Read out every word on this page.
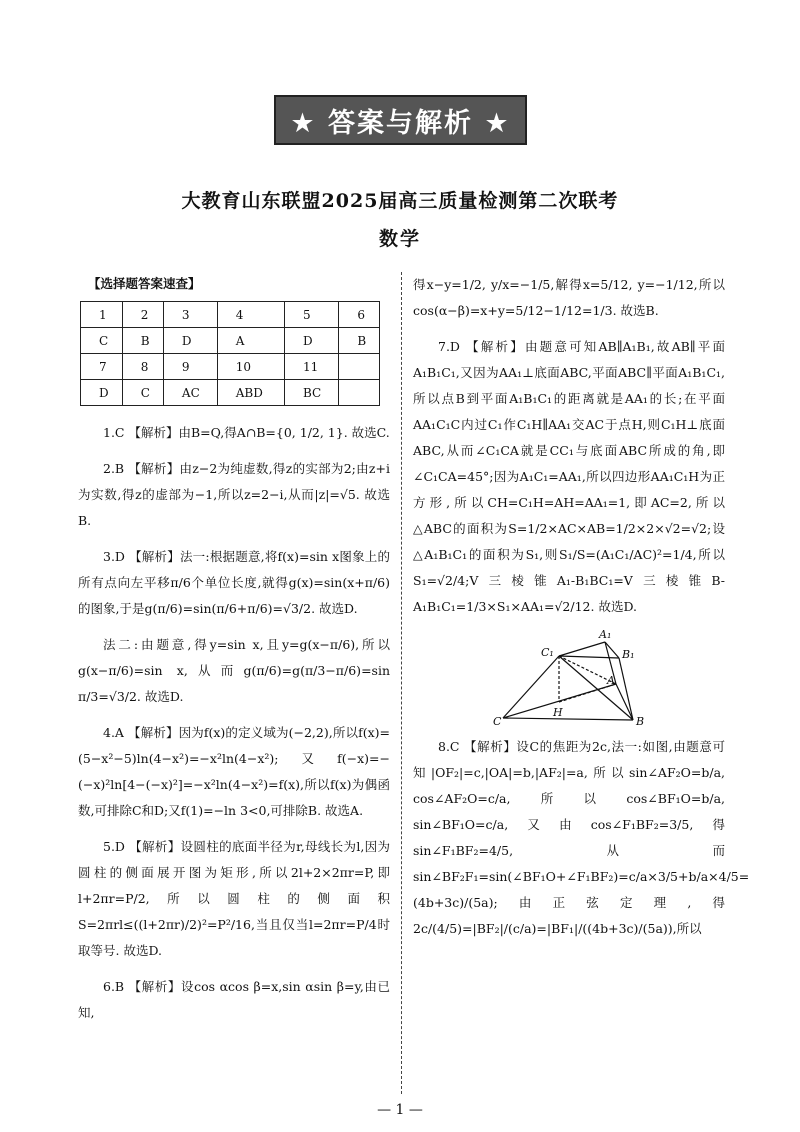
★ 答案与解析 ★
大教育山东联盟2025届高三质量检测第二次联考
数学
【选择题答案速查】
1	2	3	4	5	6
C	B	D	A	D	B
7	8	9	10	11	
D	C	AC	ABD	BC	

1.C 【解析】由B=Q,得A∩B={0, 1/2, 1}. 故选C.

2.B 【解析】由z−2为纯虚数,得z的实部为2;由z+i为实数,得z的虚部为−1,所以z=2−i,从而|z|=√5. 故选B.

3.D 【解析】法一:根据题意,将f(x)=sin x图象上的所有点向左平移π/6个单位长度,就得g(x)=sin(x+π/6)的图象,于是g(π/6)=sin(π/6+π/6)=√3/2. 故选D.

法二:由题意,得y=sin x,且y=g(x−π/6),所以g(x−π/6)=sin x,从而g(π/6)=g(π/3−π/6)=sin π/3=√3/2. 故选D.

4.A 【解析】因为f(x)的定义域为(−2,2),所以f(x)=(5−x²−5)ln(4−x²)=−x²ln(4−x²);又f(−x)=−(−x)²ln[4−(−x)²]=−x²ln(4−x²)=f(x),所以f(x)为偶函数,可排除C和D;又f(1)=−ln 3<0,可排除B. 故选A.

5.D 【解析】设圆柱的底面半径为r,母线长为l,因为圆柱的侧面展开图为矩形,所以2l+2×2πr=P,即l+2πr=P/2,所以圆柱的侧面积S=2πrl≤((l+2πr)/2)²=P²/16,当且仅当l=2πr=P/4时取等号. 故选D.

6.B 【解析】设cos αcos β=x,sin αsin β=y,由已知,

得x−y=1/2, y/x=−1/5,解得x=5/12, y=−1/12,所以cos(α−β)=x+y=5/12−1/12=1/3. 故选B.

7.D 【解析】由题意可知AB∥A₁B₁,故AB∥平面A₁B₁C₁,又因为AA₁⊥底面ABC,平面ABC∥平面A₁B₁C₁,所以点B到平面A₁B₁C₁的距离就是AA₁的长;在平面AA₁C₁C内过C₁作C₁H∥AA₁交AC于点H,则C₁H⊥底面ABC,从而∠C₁CA就是CC₁与底面ABC所成的角,即∠C₁CA=45°;因为A₁C₁=AA₁,所以四边形AA₁C₁H为正方形,所以CH=C₁H=AH=AA₁=1,即AC=2,所以△ABC的面积为S=1/2×AC×AB=1/2×2×√2=√2;设△A₁B₁C₁的面积为S₁,则S₁/S=(A₁C₁/AC)²=1/4,所以S₁=√2/4;V三棱锥A₁-B₁BC₁=V三棱锥B-A₁B₁C₁=1/3×S₁×AA₁=√2/12. 故选D.

A₁
B₁
C₁
A
H
C	B

8.C 【解析】设C的焦距为2c,法一:如图,由题意可知|OF₂|=c,|OA|=b,|AF₂|=a,所以sin∠AF₂O=b/a, cos∠AF₂O=c/a,所以cos∠BF₁O=b/a, sin∠BF₁O=c/a,又由cos∠F₁BF₂=3/5,得sin∠F₁BF₂=4/5,从而sin∠BF₂F₁=sin(∠BF₁O+∠F₁BF₂)=c/a×3/5+b/a×4/5=(4b+3c)/(5a);由正弦定理,得2c/(4/5)=|BF₂|/(c/a)=|BF₁|/((4b+3c)/(5a)),所以

— 1 —
